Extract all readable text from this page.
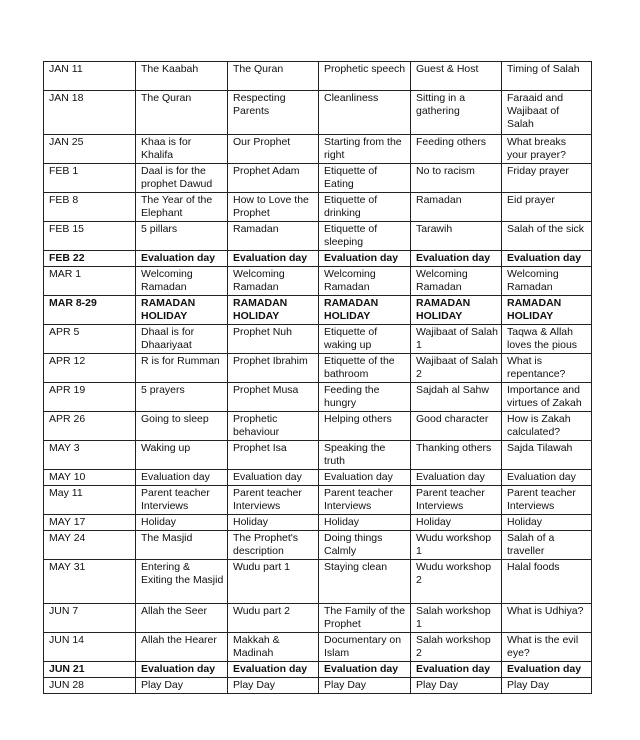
JAN 11	The Kaabah	The Quran	Prophetic speech	Guest & Host	Timing of Salah
JAN 18	The Quran	Respecting Parents	Cleanliness	Sitting in a gathering	Faraaid and Wajibaat of Salah
JAN 25	Khaa is for Khalifa	Our Prophet	Starting from the right	Feeding others	What breaks your prayer?
FEB 1	Daal is for the prophet Dawud	Prophet Adam	Etiquette of Eating	No to racism	Friday prayer
FEB 8	The Year of the Elephant	How to Love the Prophet	Etiquette of drinking	Ramadan	Eid prayer
FEB 15	5 pillars	Ramadan	Etiquette of sleeping	Tarawih	Salah of the sick
FEB 22	Evaluation day	Evaluation day	Evaluation day	Evaluation day	Evaluation day
MAR 1	Welcoming Ramadan	Welcoming Ramadan	Welcoming Ramadan	Welcoming Ramadan	Welcoming Ramadan
MAR 8-29	RAMADAN HOLIDAY	RAMADAN HOLIDAY	RAMADAN HOLIDAY	RAMADAN HOLIDAY	RAMADAN HOLIDAY
APR 5	Dhaal is for Dhaariyaat	Prophet Nuh	Etiquette of waking up	Wajibaat of Salah 1	Taqwa & Allah loves the pious
APR 12	R is for Rumman	Prophet Ibrahim	Etiquette of the bathroom	Wajibaat of Salah 2	What is repentance?
APR 19	5 prayers	Prophet Musa	Feeding the hungry	Sajdah al Sahw	Importance and virtues of Zakah
APR 26	Going to sleep	Prophetic behaviour	Helping others	Good character	How is Zakah calculated?
MAY 3	Waking up	Prophet Isa	Speaking the truth	Thanking others	Sajda Tilawah
MAY 10	Evaluation day	Evaluation day	Evaluation day	Evaluation day	Evaluation day
May 11	Parent teacher Interviews	Parent teacher Interviews	Parent teacher Interviews	Parent teacher Interviews	Parent teacher Interviews
MAY 17	Holiday	Holiday	Holiday	Holiday	Holiday
MAY 24	The Masjid	The Prophet's description	Doing things Calmly	Wudu workshop 1	Salah of a traveller
MAY 31	Entering & Exiting the Masjid	Wudu part 1	Staying clean	Wudu workshop 2	Halal foods
JUN 7	Allah the Seer	Wudu part 2	The Family of the Prophet	Salah workshop 1	What is Udhiya?
JUN 14	Allah the Hearer	Makkah & Madinah	Documentary on Islam	Salah workshop 2	What is the evil eye?
JUN 21	Evaluation day	Evaluation day	Evaluation day	Evaluation day	Evaluation day
JUN 28	Play Day	Play Day	Play Day	Play Day	Play Day
